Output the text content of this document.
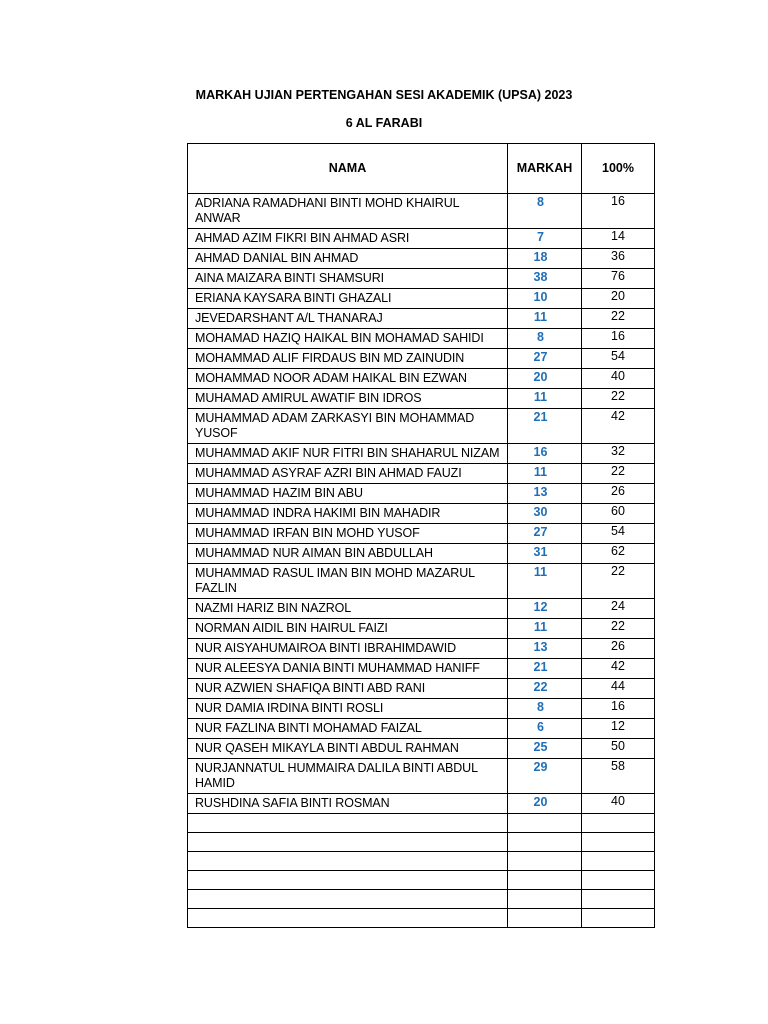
MARKAH UJIAN PERTENGAHAN SESI AKADEMIK (UPSA) 2023
6 AL FARABI
NAMA	MARKAH	100%
ADRIANA RAMADHANI BINTI MOHD KHAIRUL ANWAR	8	16
AHMAD AZIM FIKRI BIN AHMAD ASRI	7	14
AHMAD DANIAL BIN AHMAD	18	36
AINA MAIZARA BINTI SHAMSURI	38	76
ERIANA KAYSARA BINTI GHAZALI	10	20
JEVEDARSHANT A/L THANARAJ	11	22
MOHAMAD HAZIQ HAIKAL BIN MOHAMAD SAHIDI	8	16
MOHAMMAD ALIF FIRDAUS BIN MD ZAINUDIN	27	54
MOHAMMAD NOOR ADAM HAIKAL BIN EZWAN	20	40
MUHAMAD AMIRUL AWATIF BIN IDROS	11	22
MUHAMMAD ADAM ZARKASYI BIN MOHAMMAD YUSOF	21	42
MUHAMMAD AKIF NUR FITRI BIN SHAHARUL NIZAM	16	32
MUHAMMAD ASYRAF AZRI BIN AHMAD FAUZI	11	22
MUHAMMAD HAZIM BIN ABU	13	26
MUHAMMAD INDRA HAKIMI BIN MAHADIR	30	60
MUHAMMAD IRFAN BIN MOHD YUSOF	27	54
MUHAMMAD NUR AIMAN BIN ABDULLAH	31	62
MUHAMMAD RASUL IMAN BIN MOHD MAZARUL FAZLIN	11	22
NAZMI HARIZ BIN NAZROL	12	24
NORMAN AIDIL BIN HAIRUL FAIZI	11	22
NUR AISYAHUMAIROA BINTI IBRAHIMDAWID	13	26
NUR ALEESYA DANIA BINTI MUHAMMAD HANIFF	21	42
NUR AZWIEN SHAFIQA BINTI ABD RANI	22	44
NUR DAMIA IRDINA BINTI ROSLI	8	16
NUR FAZLINA BINTI MOHAMAD FAIZAL	6	12
NUR QASEH MIKAYLA BINTI ABDUL RAHMAN	25	50
NURJANNATUL HUMMAIRA DALILA BINTI ABDUL HAMID	29	58
RUSHDINA SAFIA BINTI ROSMAN	20	40
